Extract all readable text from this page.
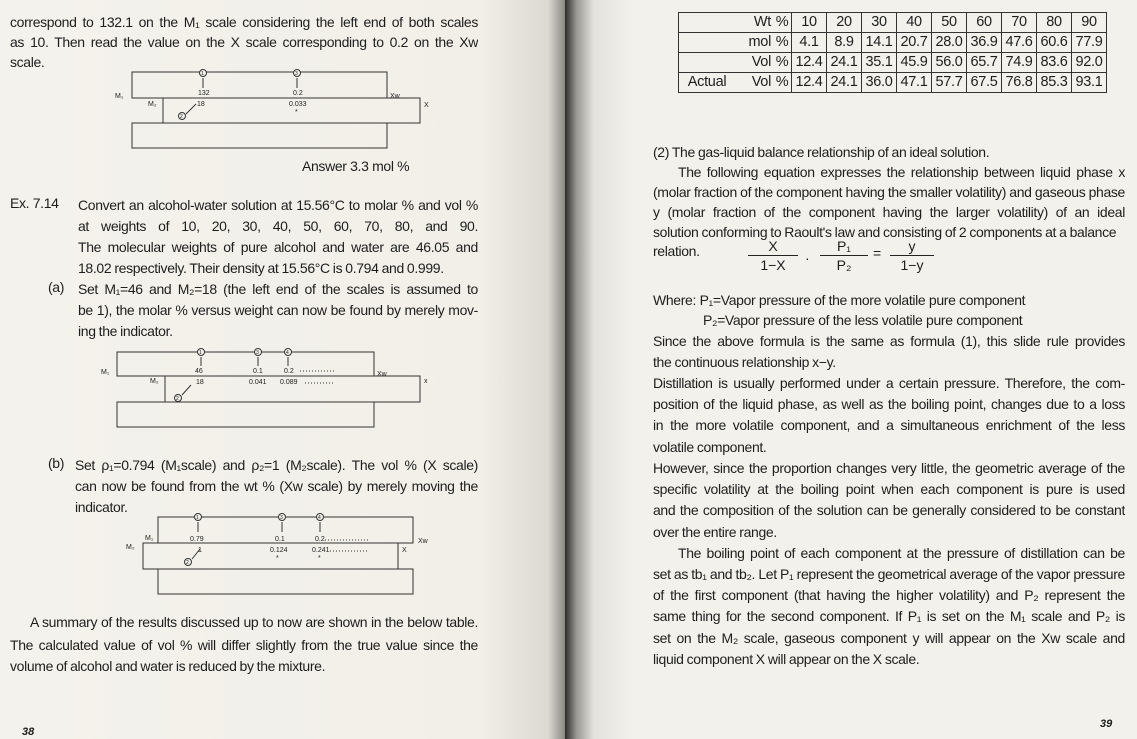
correspond to 132.1 on the M₁ scale considering the left end of both scales
as 10. Then read the value on the X scale corresponding to 0.2 on the Xw
scale.
Answer 3.3 mol %
Ex. 7.14 Convert an alcohol-water solution at 15.56°C to molar % and vol %
at weights of 10, 20, 30, 40, 50, 60, 70, 80, and 90.
The molecular weights of pure alcohol and water are 46.05 and
18.02 respectively. Their density at 15.56°C is 0.794 and 0.999.
(a) Set M₁=46 and M₂=18 (the left end of the scales is assumed to
be 1), the molar % versus weight can now be found by merely mov-
ing the indicator.
(b) Set ρ₁=0.794 (M₁scale) and ρ₂=1 (M₂scale). The vol % (X scale)
can now be found from the wt % (Xw scale) by merely moving the
indicator.
A summary of the results discussed up to now are shown in the below table.
The calculated value of vol % will differ slightly from the true value since the
volume of alcohol and water is reduced by the mixture.
38
M₁
M₂
132
18
0.2
0.033
*
Xw
X
1	3
2
M₁
M₂
46
18
0.1
0.041
0.2
0.089
Xw
x
1	3	4
2
M₁
M₂
0.79
1
0.1
0.124
*
0.2
0.241
*
Xw
X
1	3	4
2
	Wt	%	10	20	30	40	50	60	70	80	90
	mol	%	4.1	8.9	14.1	20.7	28.0	36.9	47.6	60.6	77.9
	Vol	%	12.4	24.1	35.1	45.9	56.0	65.7	74.9	83.6	92.0
Actual	Vol	%	12.4	24.1	36.0	47.1	57.7	67.5	76.8	85.3	93.1
(2) The gas-liquid balance relationship of an ideal solution.
The following equation expresses the relationship between liquid phase x
(molar fraction of the component having the smaller volatility) and gaseous phase
y (molar fraction of the component having the larger volatility) of an ideal
solution conforming to Raoult's law and consisting of 2 components at a balance
relation.	$\frac{X}{1-X} \cdot \frac{\text{P₁}}{\text{P₂}} = \frac{y}{1-y}$
Where: P₁=Vapor pressure of the more volatile pure component
P₂=Vapor pressure of the less volatile pure component
Since the above formula is the same as formula (1), this slide rule provides
the continuous relationship x−y.
Distillation is usually performed under a certain pressure. Therefore, the com-
position of the liquid phase, as well as the boiling point, changes due to a loss
in the more volatile component, and a simultaneous enrichment of the less
volatile component.
However, since the proportion changes very little, the geometric average of the
specific volatility at the boiling point when each component is pure is used
and the composition of the solution can be generally considered to be constant
over the entire range.
The boiling point of each component at the pressure of distillation can be
set as tb₁ and tb₂. Let P₁ represent the geometrical average of the vapor pressure
of the first component (that having the higher volatility) and P₂ represent the
same thing for the second component. If P₁ is set on the M₁ scale and P₂ is
set on the M₂ scale, gaseous component y will appear on the Xw scale and
liquid component X will appear on the X scale.
39
